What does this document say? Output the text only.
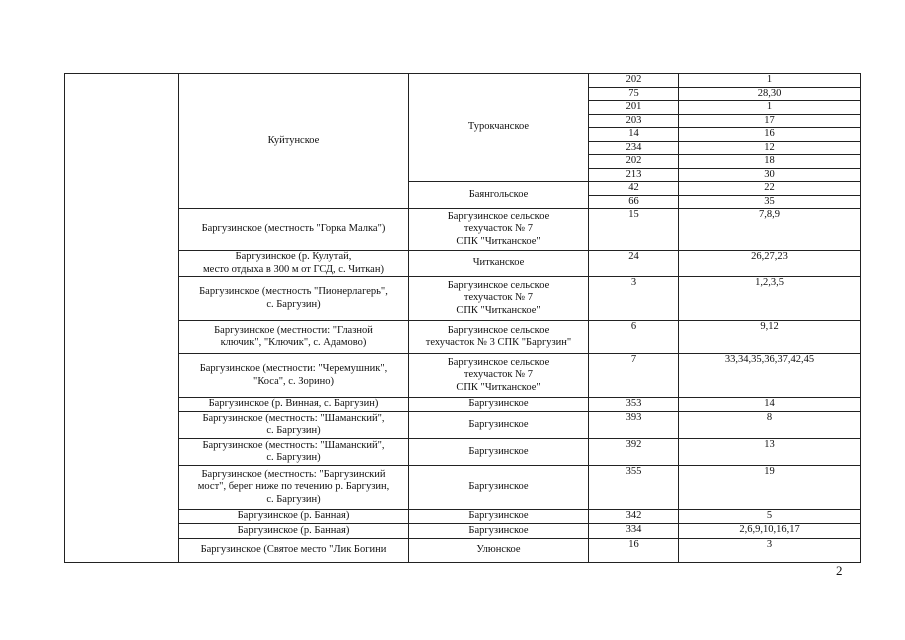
	Куйтунское	Турокчанское	202	1
			75	28,30
			201	1
			203	17
			14	16
			234	12
			202	18
			213	30
		Баянгольское	42	22
			66	35
	Баргузинское (местность "Горка Малка")	Баргузинское сельское
техучасток № 7
СПК "Читканское"	15	7,8,9
	Баргузинское (р. Кулутай,
место отдыха в 300 м от ГСД, с. Читкан)	Читканское	24	26,27,23
	Баргузинское (местность "Пионерлагерь",
с. Баргузин)	Баргузинское сельское
техучасток № 7
СПК "Читканское"	3	1,2,3,5
	Баргузинское (местности: "Глазной
ключик", "Ключик", с. Адамово)	Баргузинское сельское
техучасток № 3 СПК "Баргузин"	6	9,12
	Баргузинское (местности: "Черемушник",
"Коса", с. Зорино)	Баргузинское сельское
техучасток № 7
СПК "Читканское"	7	33,34,35,36,37,42,45
	Баргузинское (р. Винная, с. Баргузин)	Баргузинское	353	14
	Баргузинское (местность: "Шаманский",
с. Баргузин)	Баргузинское	393	8
	Баргузинское (местность: "Шаманский",
с. Баргузин)	Баргузинское	392	13
	Баргузинское (местность: "Баргузинский
мост", берег ниже по течению р. Баргузин,
с. Баргузин)	Баргузинское	355	19
	Баргузинское (р. Банная)	Баргузинское	342	5
	Баргузинское (р. Банная)	Баргузинское	334	2,6,9,10,16,17
	Баргузинское (Святое место "Лик Богини	Улюнское	16	3
2
